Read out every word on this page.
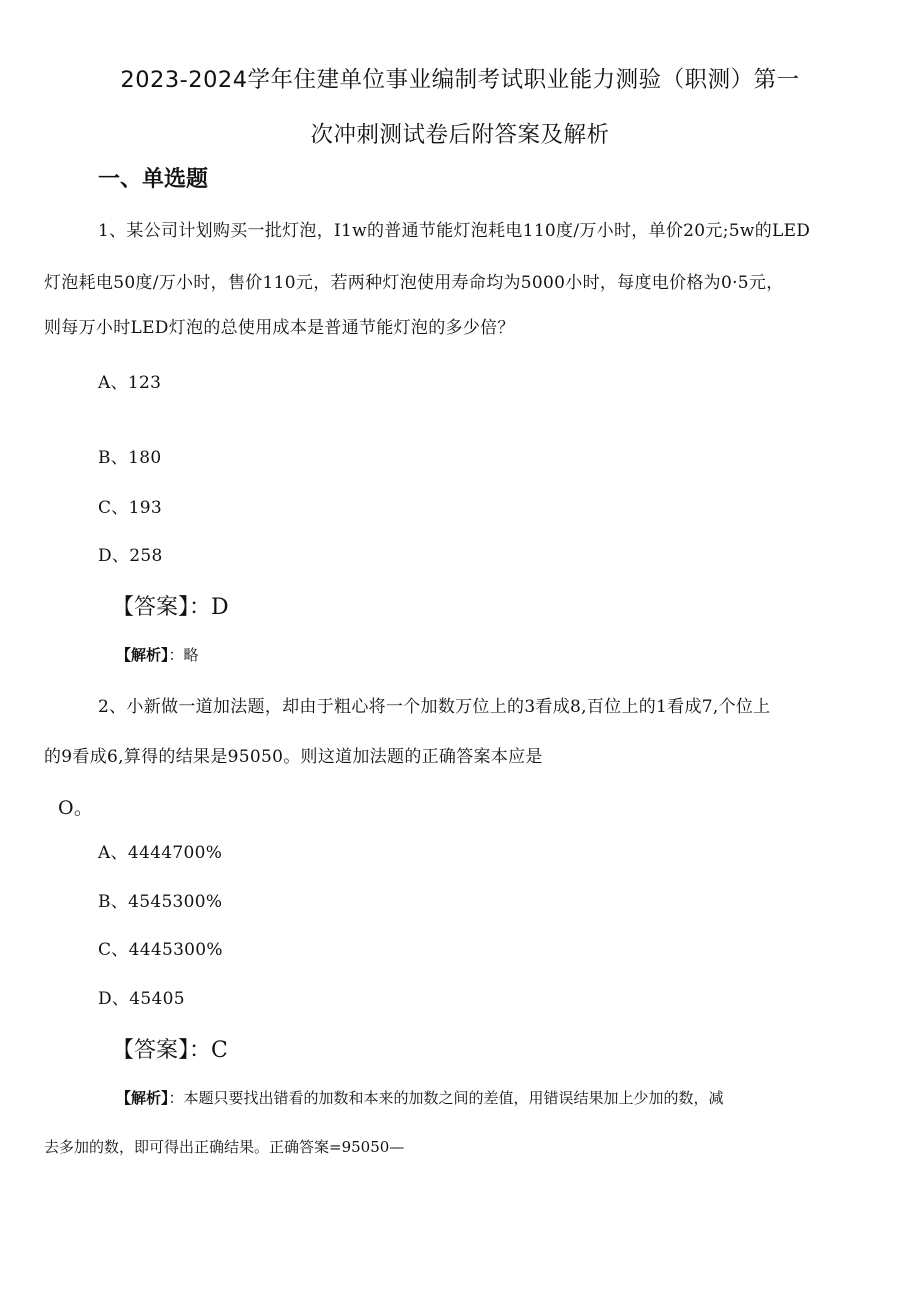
2023-2024学年住建单位事业编制考试职业能力测验（职测）第一
次冲刺测试卷后附答案及解析
一、单选题
1、某公司计划购买一批灯泡，I1w的普通节能灯泡耗电110度/万小时，单价20元;5w的LED
灯泡耗电50度/万小时，售价110元，若两种灯泡使用寿命均为5000小时，每度电价格为0·5元，
则每万小时LED灯泡的总使用成本是普通节能灯泡的多少倍？
A、123
B、180
C、193
D、258
【答案】：D
【解析】：略
2、小新做一道加法题，却由于粗心将一个加数万位上的3看成8,百位上的1看成7,个位上
的9看成6,算得的结果是95050。则这道加法题的正确答案本应是
O。
A、4444700%
B、4545300%
C、4445300%
D、45405
【答案】：C
【解析】：本题只要找出错看的加数和本来的加数之间的差值，用错误结果加上少加的数，减
去多加的数，即可得出正确结果。正确答案=95050—
